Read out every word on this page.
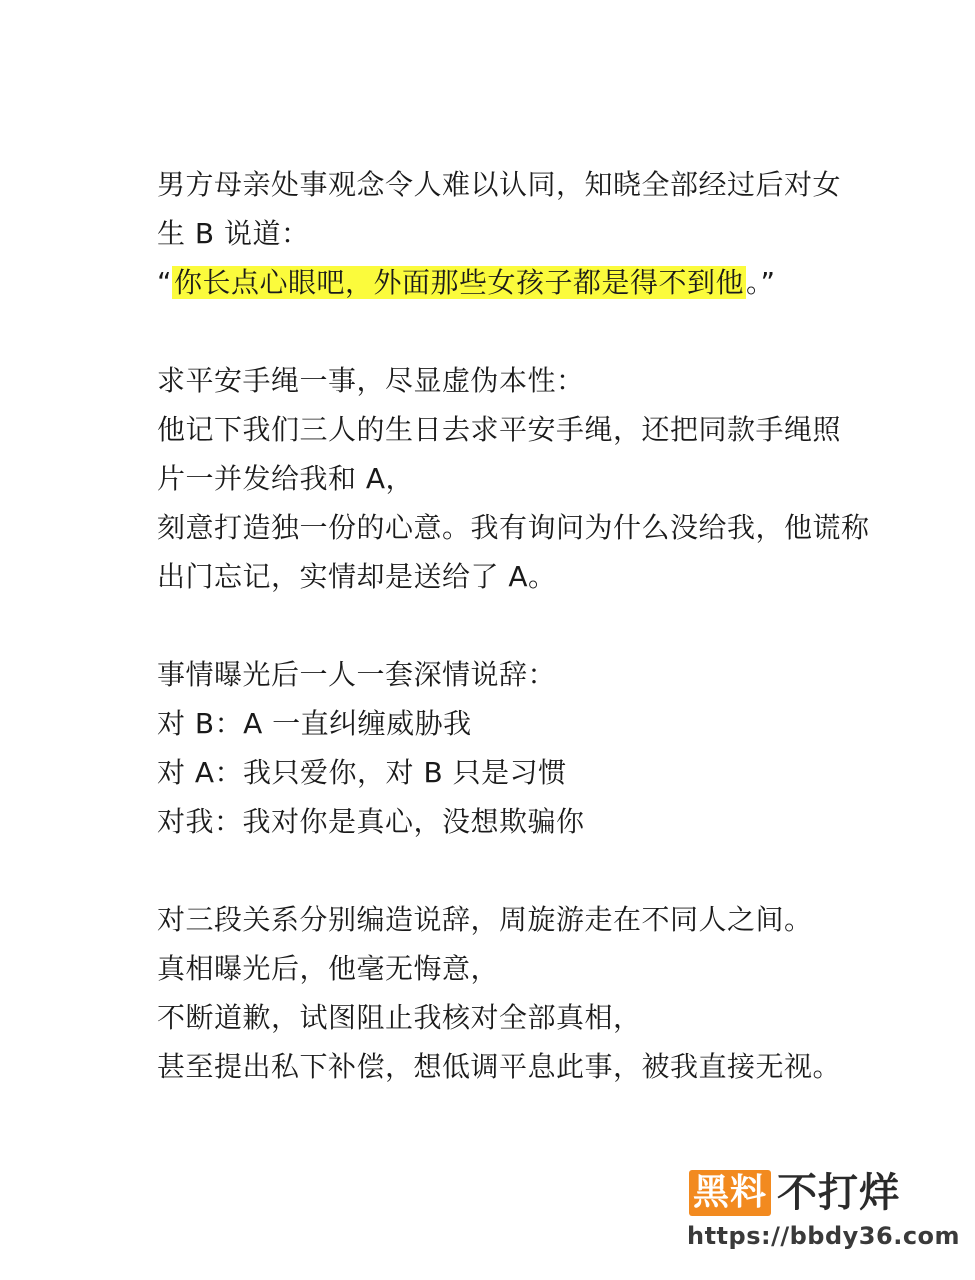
男方母亲处事观念令人难以认同，知晓全部经过后对女
生 B 说道：
“你长点心眼吧，外面那些女孩子都是得不到他。”
求平安手绳一事，尽显虚伪本性：
他记下我们三人的生日去求平安手绳，还把同款手绳照
片一并发给我和 A，
刻意打造独一份的心意。我有询问为什么没给我，他谎称
出门忘记，实情却是送给了 A。
事情曝光后一人一套深情说辞：
对 B：A 一直纠缠威胁我
对 A：我只爱你，对 B 只是习惯
对我：我对你是真心，没想欺骗你
对三段关系分别编造说辞，周旋游走在不同人之间。
真相曝光后，他毫无悔意，
不断道歉，试图阻止我核对全部真相，
甚至提出私下补偿，想低调平息此事，被我直接无视。
黑料 不打烊
https://bbdy36.com
